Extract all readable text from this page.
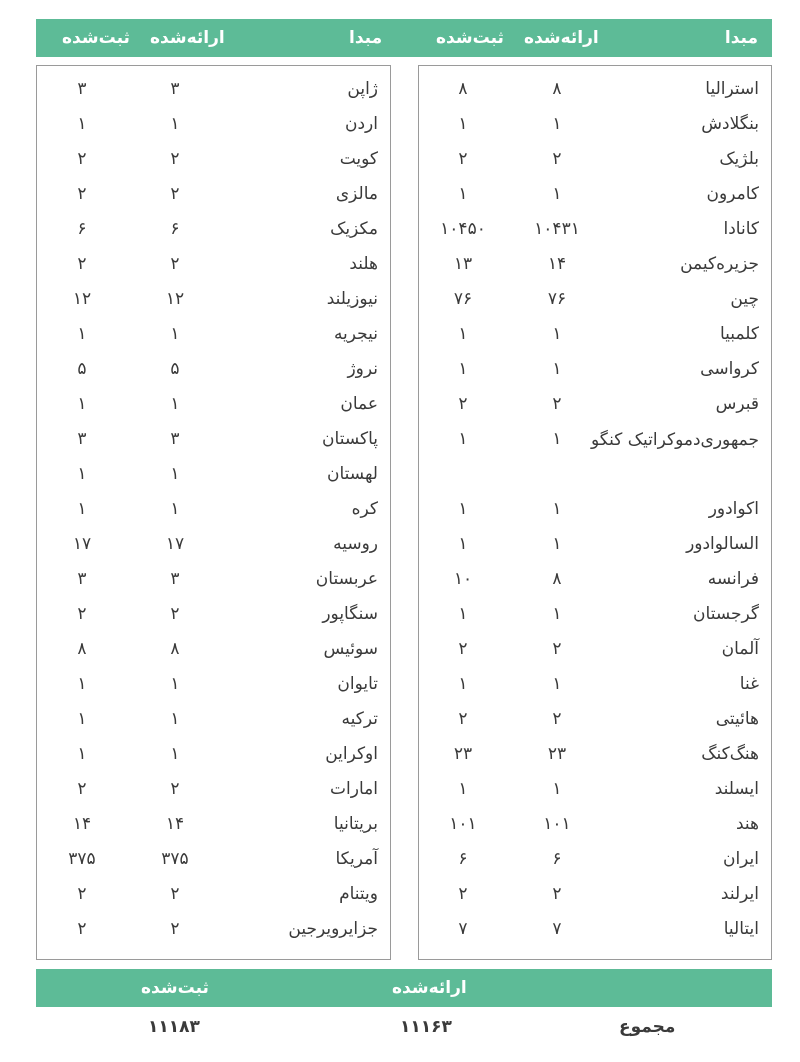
مبدا
ارائه‌شده
ثبت‌شده
مبدا
ارائه‌شده
ثبت‌شده
استرالیا
۸
۸
بنگلادش
۱
۱
بلژیک
۲
۲
کامرون
۱
۱
کانادا
۱۰۴۳۱
۱۰۴۵۰
جزیره‌کیمن
۱۴
۱۳
چین
۷۶
۷۶
کلمبیا
۱
۱
کرواسی
۱
۱
قبرس
۲
۲
جمهوری‌دموکراتیک کنگو
۱
۱
اکوادور
۱
۱
السالوادور
۱
۱
فرانسه
۸
۱۰
گرجستان
۱
۱
آلمان
۲
۲
غنا
۱
۱
هائیتی
۲
۲
هنگ‌کنگ
۲۳
۲۳
ایسلند
۱
۱
هند
۱۰۱
۱۰۱
ایران
۶
۶
ایرلند
۲
۲
ایتالیا
۷
۷
ژاپن
۳
۳
اردن
۱
۱
کویت
۲
۲
مالزی
۲
۲
مکزیک
۶
۶
هلند
۲
۲
نیوزیلند
۱۲
۱۲
نیجریه
۱
۱
نروژ
۵
۵
عمان
۱
۱
پاکستان
۳
۳
لهستان
۱
۱
کره
۱
۱
روسیه
۱۷
۱۷
عربستان
۳
۳
سنگاپور
۲
۲
سوئیس
۸
۸
تایوان
۱
۱
ترکیه
۱
۱
اوکراین
۱
۱
امارات
۲
۲
بریتانیا
۱۴
۱۴
آمریکا
۳۷۵
۳۷۵
ویتنام
۲
۲
جزایرویرجین
۲
۲
ارائه‌شده
ثبت‌شده
مجموع
۱۱۱۶۳
۱۱۱۸۳
